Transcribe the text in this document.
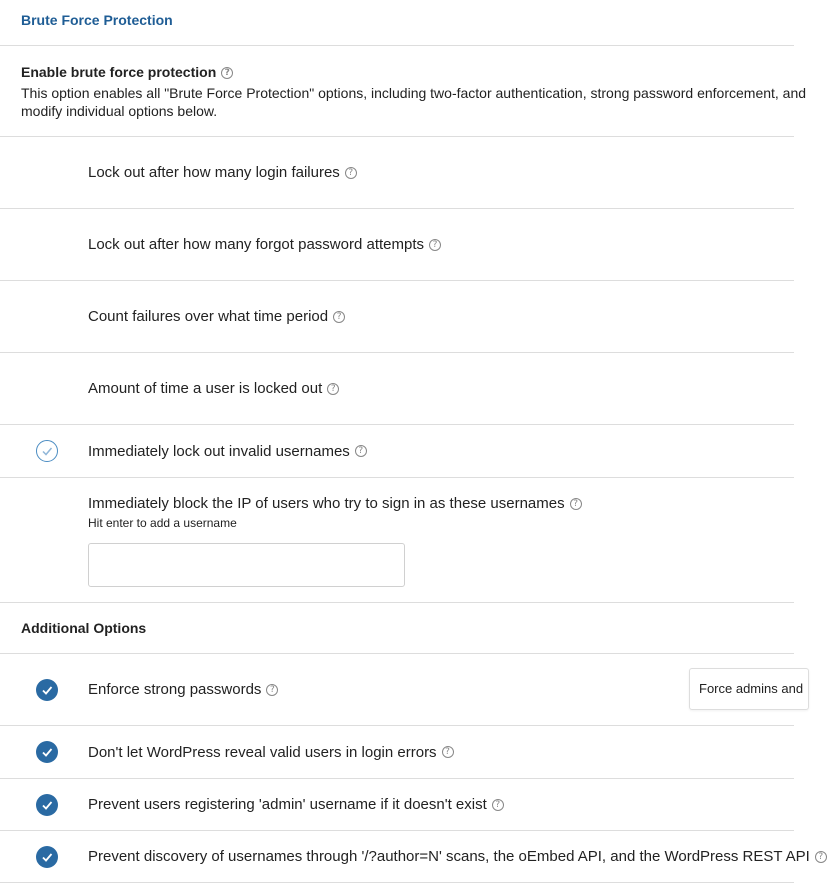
Brute Force Protection
Enable brute force protection ?
This option enables all "Brute Force Protection" options, including two-factor authentication, strong password enforcement, and
modify individual options below.
Lock out after how many login failures ?
Lock out after how many forgot password attempts ?
Count failures over what time period ?
Amount of time a user is locked out ?
Immediately lock out invalid usernames ?
Immediately block the IP of users who try to sign in as these usernames ?
Hit enter to add a username
Additional Options
Enforce strong passwords ?	Force admins and
Don't let WordPress reveal valid users in login errors ?
Prevent users registering 'admin' username if it doesn't exist ?
Prevent discovery of usernames through '/?author=N' scans, the oEmbed API, and the WordPress REST API ?
